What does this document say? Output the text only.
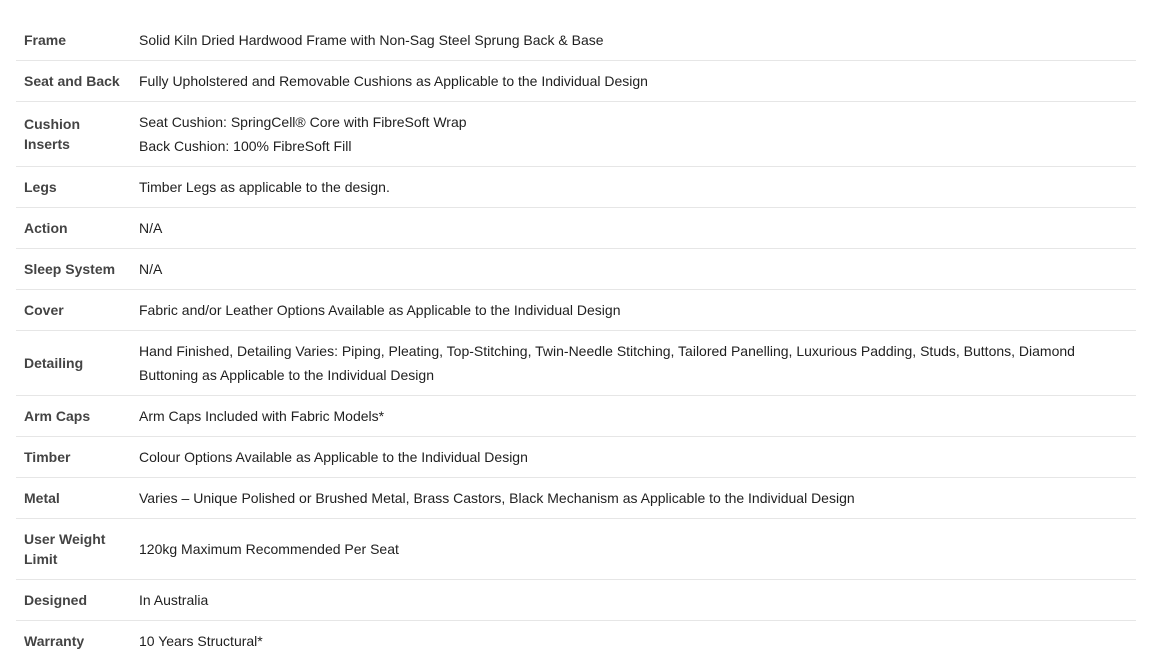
Frame	Solid Kiln Dried Hardwood Frame with Non-Sag Steel Sprung Back & Base
Seat and Back	Fully Upholstered and Removable Cushions as Applicable to the Individual Design
Cushion Inserts	Seat Cushion: SpringCell® Core with FibreSoft Wrap
Back Cushion: 100% FibreSoft Fill

Legs	Timber Legs as applicable to the design.
Action	N/A
Sleep System	N/A
Cover	Fabric and/or Leather Options Available as Applicable to the Individual Design
Detailing	Hand Finished, Detailing Varies: Piping, Pleating, Top-Stitching, Twin-Needle Stitching, Tailored Panelling, Luxurious Padding, Studs, Buttons, Diamond Buttoning as Applicable to the Individual Design
Arm Caps	Arm Caps Included with Fabric Models*
Timber	Colour Options Available as Applicable to the Individual Design
Metal	Varies – Unique Polished or Brushed Metal, Brass Castors, Black Mechanism as Applicable to the Individual Design
User Weight Limit	120kg Maximum Recommended Per Seat
Designed	In Australia
Warranty	10 Years Structural*
